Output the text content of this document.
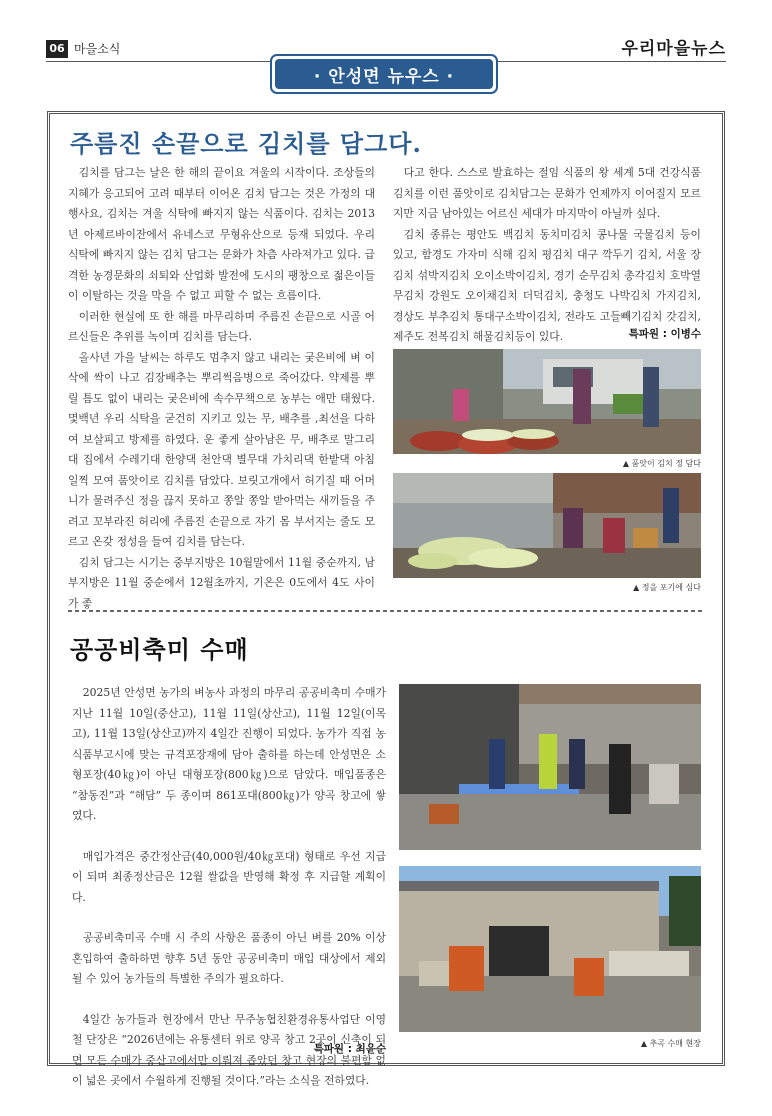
06 마을소식	우리마을뉴스
· 안성면 뉴우스 ·
주름진 손끝으로 김치를 담그다.

김치를 담그는 날은 한 해의 끝이요 겨울의 시작이다. 조상들의 지혜가 응고되어 고려 때부터 이어온 김치 담그는 것은 가정의 대행사요, 김치는 겨울 식탁에 빠지지 않는 식품이다. 김치는 2013년 아제르바이잔에서 유네스코 무형유산으로 등재 되었다. 우리 식탁에 빠지지 않는 김치 담그는 문화가 차츰 사라져가고 있다. 급격한 농경문화의 쇠퇴와 산업화 발전에 도시의 팽창으로 젊은이들이 이탈하는 것을 막을 수 없고 피할 수 없는 흐름이다.

이러한 현실에 또 한 해를 마무리하며 주름진 손끝으로 시골 어르신들은 추위를 녹이며 김치를 담는다.

올사년 가을 날씨는 하루도 멈추지 않고 내리는 궂은비에 벼 이삭에 싹이 나고 김장배추는 뿌리썩음병으로 죽어갔다. 약제를 뿌릴 틈도 없이 내리는 궂은비에 속수무책으로 농부는 애만 태웠다. 몇백년 우리 식탁을 굳건히 지키고 있는 무, 배추를 ,최선을 다하여 보살피고 방제를 하였다. 운 좋게 살아남은 무, 배추로 말그리대 집에서 수레기대 한양댁 천안댁 별무대 가치리댁 한밭댁 아침 일찍 모여 품앗이로 김치를 담았다. 보릿고개에서 허기질 때 어머니가 물려주신 정을 끊지 못하고 쫑알 쫑알 받아먹는 새끼들을 주려고 꼬부라진 허리에 주름진 손끝으로 자기 몸 부서지는 줄도 모르고 온갖 정성을 들여 김치를 담는다.

김치 담그는 시기는 중부지방은 10월말에서 11월 중순까지, 남부지방은 11월 중순에서 12월초까지, 기온은 0도에서 4도 사이가 좋

다고 한다. 스스로 발효하는 절임 식품의 왕 세계 5대 건강식품 김치를 이런 품앗이로 김치담그는 문화가 언제까지 이어질지 모르지만 지금 남아있는 어르신 세대가 마지막이 아닐까 싶다.

김치 종류는 평안도 백김치 동치미김치 콩나물 국물김치 등이 있고, 함경도 가자미 식해 김치 평김치 대구 깍두기 김치, 서울 장김치 섞박지김치 오이소박이김치, 경기 순무김치 총각김치 호박열무김치 강원도 오이채김치 더덕김치, 충청도 나박김치 가지김치, 경상도 부추김치 통대구소박이김치, 전라도 고들빼기김치 갓김치, 제주도 전복김치 해물김치등이 있다.	특파원 : 이병수
▲ 품앗이 김치 정 담다
▲ 정을 포기에 심다
공공비축미 수매

2025년 안성면 농가의 벼농사 과정의 마무리 공공비축미 수매가 지난 11월 10일(중산고), 11월 11일(상산고), 11월 12일(이목고), 11월 13일(상산고)까지 4일간 진행이 되었다. 농가가 직접 농식품부고시에 맞는 규격포장재에 담아 출하를 하는데 안성면은 소형포장(40㎏)이 아닌 대형포장(800㎏)으로 담았다. 매입품종은 “참동진”과 “해담” 두 종이며 861포대(800㎏)가 양곡 창고에 쌓였다.

매입가격은 중간정산금(40,000원/40㎏포대) 형태로 우선 지급이 되며 최종정산금은 12월 쌀값을 반영해 확정 후 지급할 계획이다.

공공비축미곡 수매 시 주의 사항은 품종이 아닌 벼를 20% 이상 혼입하여 출하하면 향후 5년 동안 공공비축미 매입 대상에서 제외될 수 있어 농가들의 특별한 주의가 필요하다.

4일간 농가들과 현장에서 만난 무주농협친환경유통사업단 이영철 단장은 “2026년에는 유통센터 위로 양곡 창고 2곳이 신축이 되면 모든 수매가 중산고에서만 이뤄져 좁았던 창고 현장의 불편함 없이 넓은 곳에서 수월하게 진행될 것이다.”라는 소식을 전하였다.

특파원 : 최윤순	▲ 추곡 수매 현장
